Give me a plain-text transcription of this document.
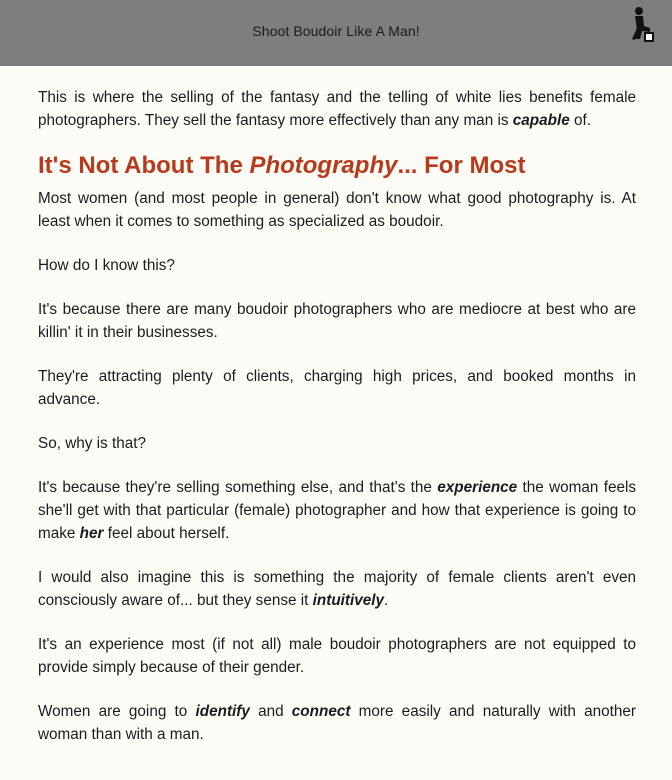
Shoot Boudoir Like A Man!

This is where the selling of the fantasy and the telling of white lies benefits female photographers. They sell the fantasy more effectively than any man is capable of.

It's Not About The Photography... For Most

Most women (and most people in general) don't know what good photography is. At least when it comes to something as specialized as boudoir.

How do I know this?

It's because there are many boudoir photographers who are mediocre at best who are killin' it in their businesses.

They're attracting plenty of clients, charging high prices, and booked months in advance.

So, why is that?

It's because they're selling something else, and that's the experience the woman feels she'll get with that particular (female) photographer and how that experience is going to make her feel about herself.

I would also imagine this is something the majority of female clients aren't even consciously aware of... but they sense it intuitively.

It's an experience most (if not all) male boudoir photographers are not equipped to provide simply because of their gender.

Women are going to identify and connect more easily and naturally with another woman than with a man.
